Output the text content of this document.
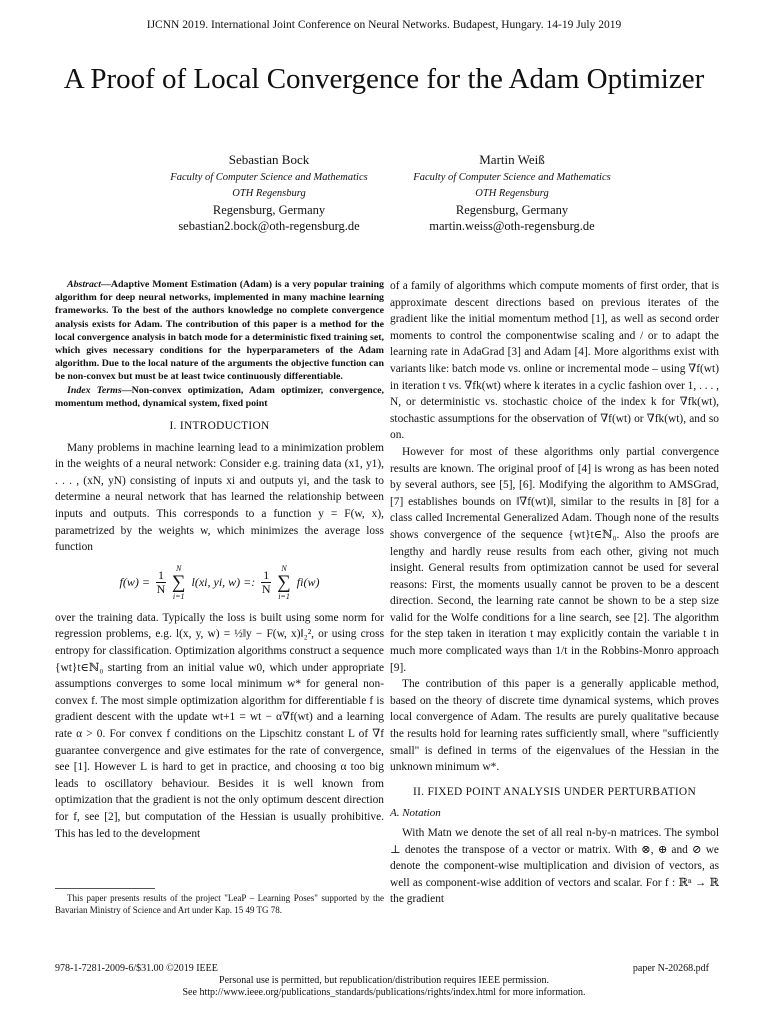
IJCNN 2019. International Joint Conference on Neural Networks. Budapest, Hungary. 14-19 July 2019
A Proof of Local Convergence for the Adam Optimizer
Sebastian Bock
Faculty of Computer Science and Mathematics
OTH Regensburg
Regensburg, Germany
sebastian2.bock@oth-regensburg.de
Martin Weiß
Faculty of Computer Science and Mathematics
OTH Regensburg
Regensburg, Germany
martin.weiss@oth-regensburg.de
Abstract—Adaptive Moment Estimation (Adam) is a very popular training algorithm for deep neural networks, implemented in many machine learning frameworks. To the best of the authors knowledge no complete convergence analysis exists for Adam. The contribution of this paper is a method for the local convergence analysis in batch mode for a deterministic fixed training set, which gives necessary conditions for the hyperparameters of the Adam algorithm. Due to the local nature of the arguments the objective function can be non-convex but must be at least twice continuously differentiable.
Index Terms—Non-convex optimization, Adam optimizer, convergence, momentum method, dynamical system, fixed point
I. INTRODUCTION

Many problems in machine learning lead to a minimization problem in the weights of a neural network: Consider e.g. training data (x1, y1), . . . , (xN, yN) consisting of inputs xi and outputs yi, and the task to determine a neural network that has learned the relationship between inputs and outputs. This corresponds to a function y = F(w, x), parametrized by the weights w, which minimizes the average loss function

$f(w) = \frac{1}{N}$
N
∑
i=1
l(xi, yi, w) =: $\frac{1}{N}$
N
∑
i=1
fi(w)

over the training data. Typically the loss is built using some norm for regression problems, e.g. l(x, y, w) = ½‖y − F(w, x)‖₂², or using cross entropy for classification. Optimization algorithms construct a sequence {wt}t∈ℕ₀ starting from an initial value w0, which under appropriate assumptions converges to some local minimum w* for general non-convex f. The most simple optimization algorithm for differentiable f is gradient descent with the update wt+1 = wt − α∇f(wt) and a learning rate α > 0. For convex f conditions on the Lipschitz constant L of ∇f guarantee convergence and give estimates for the rate of convergence, see [1]. However L is hard to get in practice, and choosing α too big leads to oscillatory behaviour. Besides it is well known from optimization that the gradient is not the only optimum descent direction for f, see [2], but computation of the Hessian is usually prohibitive. This has led to the development

This paper presents results of the project "LeaP – Learning Poses" supported by the Bavarian Ministry of Science and Art under Kap. 15 49 TG 78.

of a family of algorithms which compute moments of first order, that is approximate descent directions based on previous iterates of the gradient like the initial momentum method [1], as well as second order moments to control the componentwise scaling and / or to adapt the learning rate in AdaGrad [3] and Adam [4]. More algorithms exist with variants like: batch mode vs. online or incremental mode – using ∇f(wt) in iteration t vs. ∇fk(wt) where k iterates in a cyclic fashion over 1, . . . , N, or deterministic vs. stochastic choice of the index k for ∇fk(wt), stochastic assumptions for the observation of ∇f(wt) or ∇fk(wt), and so on.

However for most of these algorithms only partial convergence results are known. The original proof of [4] is wrong as has been noted by several authors, see [5], [6]. Modifying the algorithm to AMSGrad, [7] establishes bounds on ‖∇f(wt)‖, similar to the results in [8] for a class called Incremental Generalized Adam. Though none of the results shows convergence of the sequence {wt}t∈ℕ₀. Also the proofs are lengthy and hardly reuse results from each other, giving not much insight. General results from optimization cannot be used for several reasons: First, the moments usually cannot be proven to be a descent direction. Second, the learning rate cannot be shown to be a step size valid for the Wolfe conditions for a line search, see [2]. The algorithm for the step taken in iteration t may explicitly contain the variable t in much more complicated ways than 1/t in the Robbins-Monro approach [9].

The contribution of this paper is a generally applicable method, based on the theory of discrete time dynamical systems, which proves local convergence of Adam. The results are purely qualitative because the results hold for learning rates sufficiently small, where "sufficiently small" is defined in terms of the eigenvalues of the Hessian in the unknown minimum w*.

II. FIXED POINT ANALYSIS UNDER PERTURBATION
A. Notation

With Matn we denote the set of all real n-by-n matrices. The symbol ⊥ denotes the transpose of a vector or matrix. With ⊗, ⊕ and ⊘ we denote the component-wise multiplication and division of vectors, as well as component-wise addition of vectors and scalar. For f : ℝⁿ → ℝ the gradient

978-1-7281-2009-6/$31.00 ©2019 IEEE	paper N-20268.pdf
Personal use is permitted, but republication/distribution requires IEEE permission.
See http://www.ieee.org/publications_standards/publications/rights/index.html for more information.
